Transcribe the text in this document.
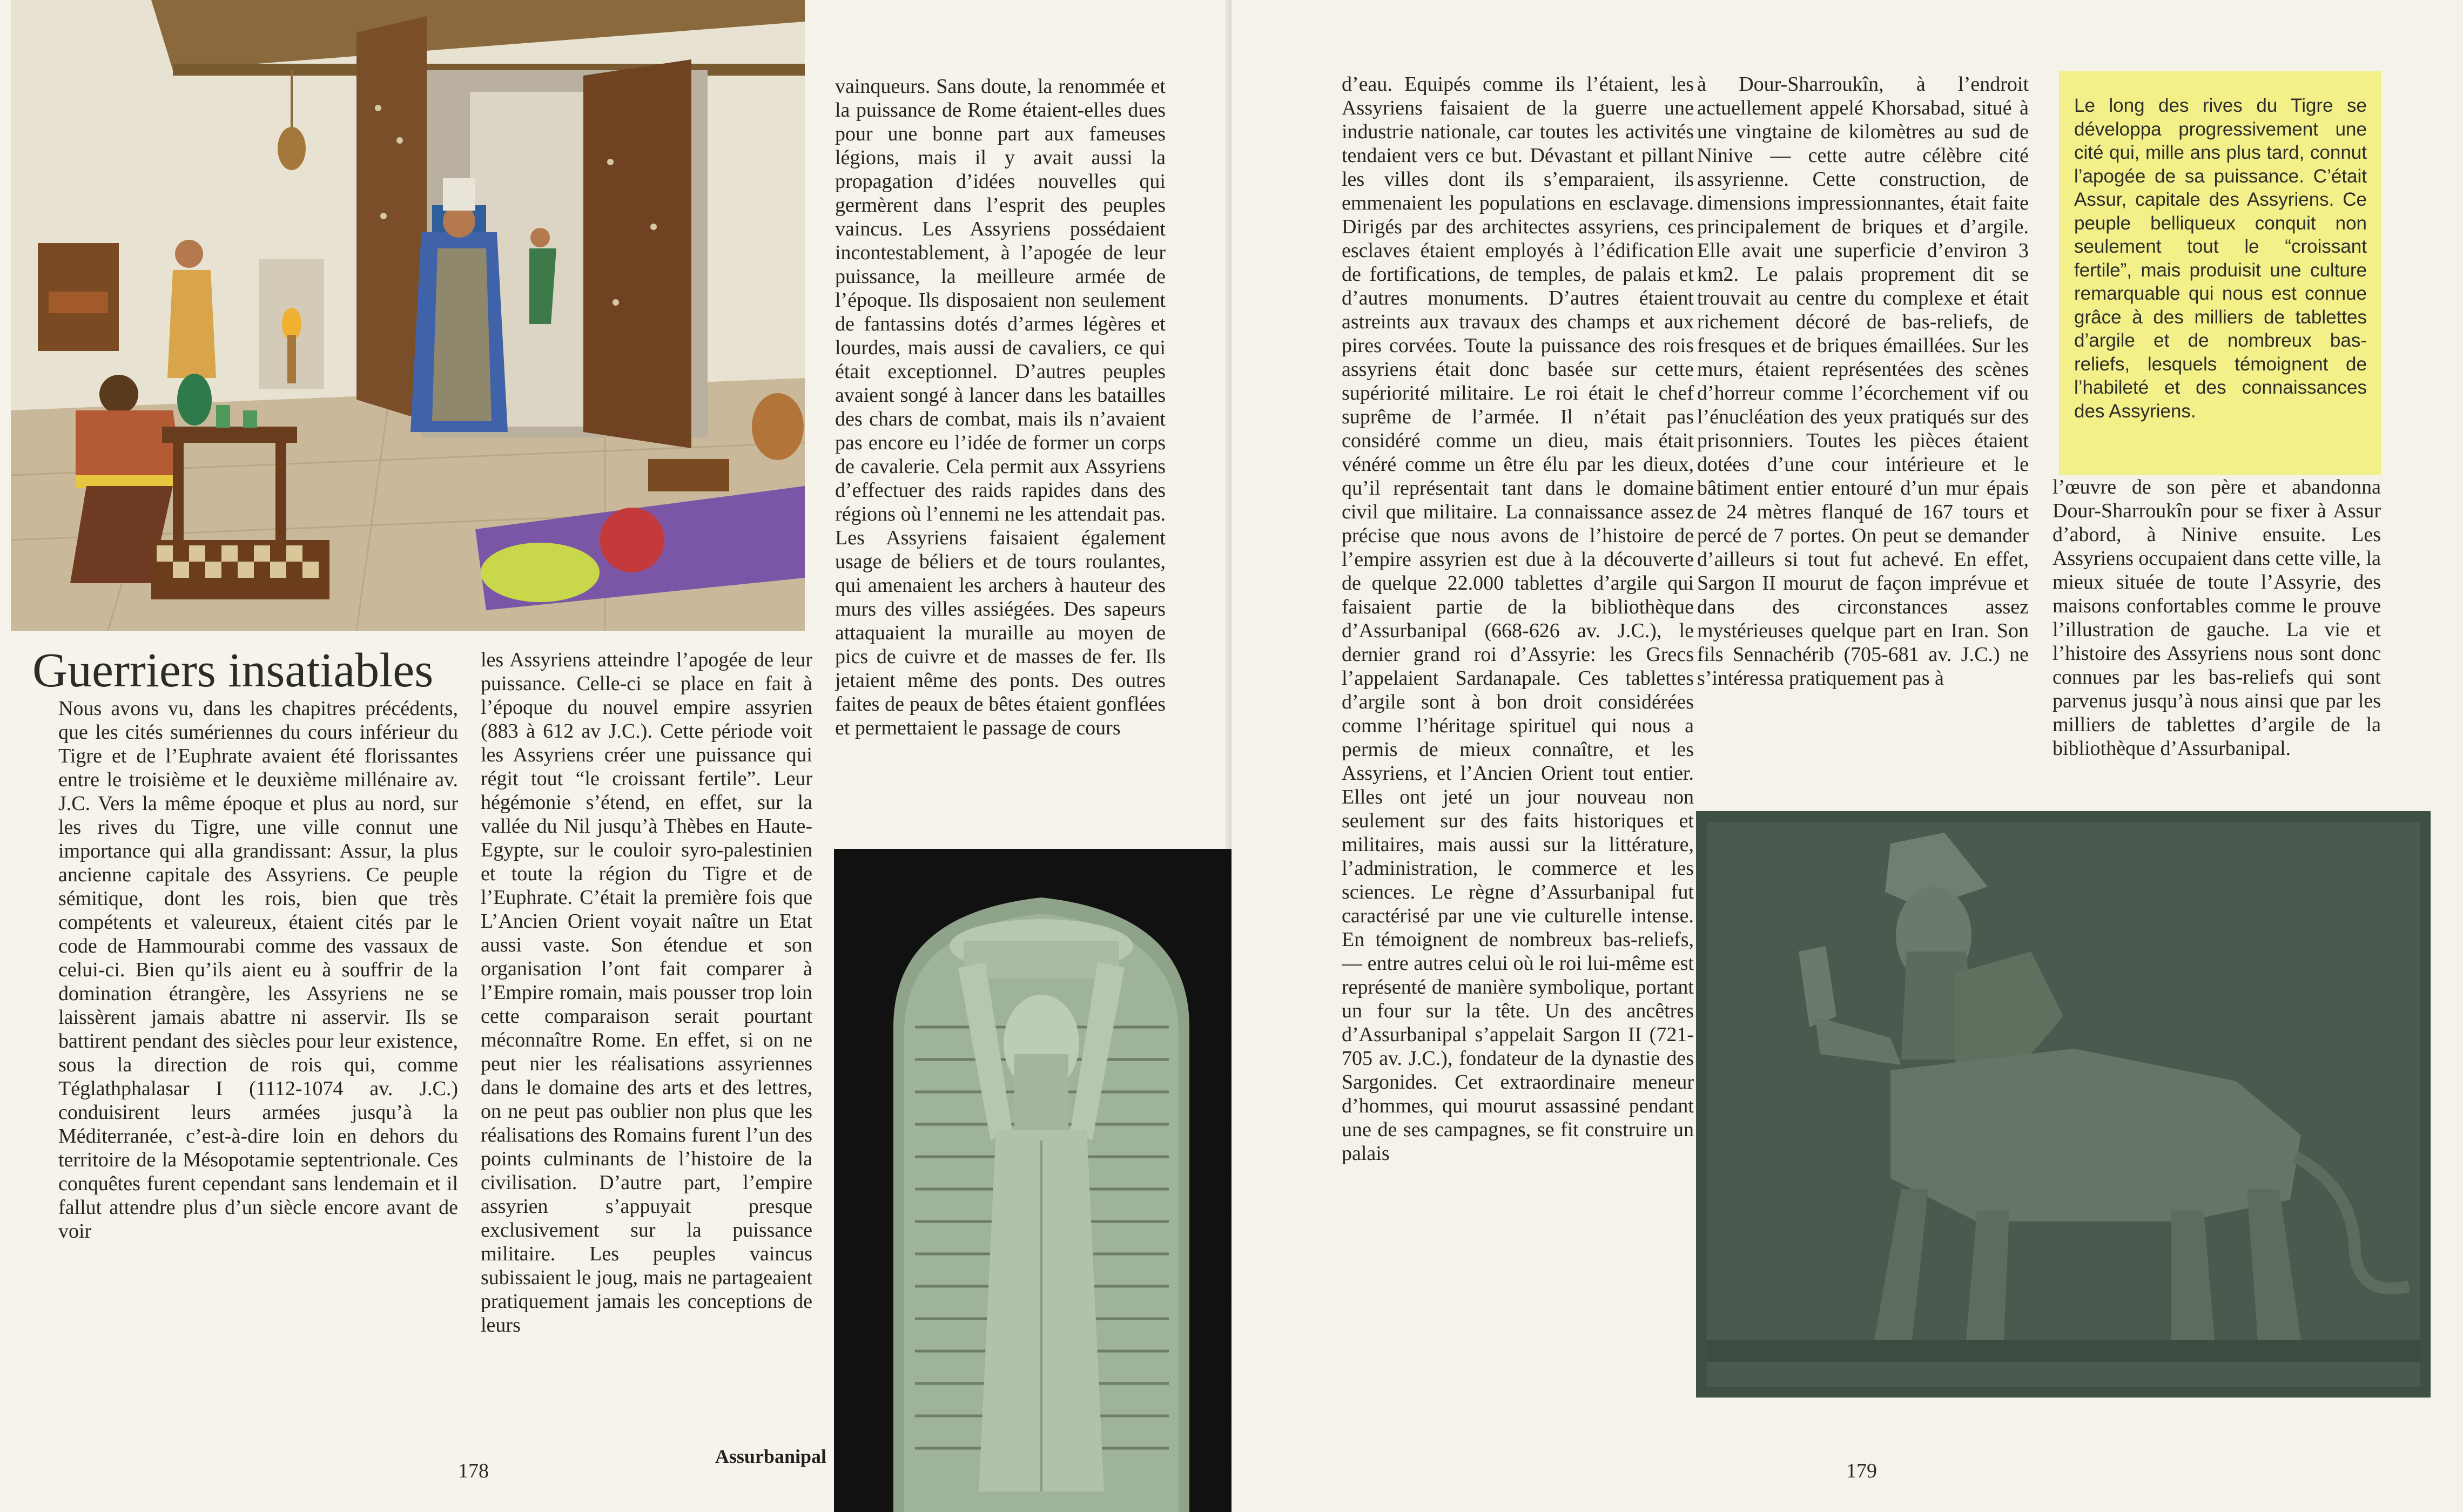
Guerriers insatiables

Nous avons vu, dans les chapitres précédents, que les cités sumériennes du cours inférieur du Tigre et de l’Euphrate avaient été florissantes entre le troisième et le deuxième millénaire av. J.C. Vers la même époque et plus au nord, sur les rives du Tigre, une ville connut une importance qui alla grandissant: Assur, la plus ancienne capitale des Assyriens. Ce peuple sémitique, dont les rois, bien que très compétents et valeureux, étaient cités par le code de Hammourabi comme des vassaux de celui-ci. Bien qu’ils aient eu à souffrir de la domination étrangère, les Assyriens ne se laissèrent jamais abattre ni asservir. Ils se battirent pendant des siècles pour leur existence, sous la direction de rois qui, comme Téglathphalasar I (1112-1074 av. J.C.) conduisirent leurs armées jusqu’à la Méditerranée, c’est-à-dire loin en dehors du territoire de la Mésopotamie septentrionale. Ces conquêtes furent cependant sans lendemain et il fallut attendre plus d’un siècle encore avant de voir

les Assyriens atteindre l’apogée de leur puissance. Celle-ci se place en fait à l’époque du nouvel empire assyrien (883 à 612 av J.C.). Cette période voit les Assyriens créer une puissance qui régit tout “le croissant fertile”. Leur hégémonie s’étend, en effet, sur la vallée du Nil jusqu’à Thèbes en Haute-Egypte, sur le couloir syro-palestinien et toute la région du Tigre et de l’Euphrate. C’était la première fois que L’Ancien Orient voyait naître un Etat aussi vaste. Son étendue et son organisation l’ont fait comparer à l’Empire romain, mais pousser trop loin cette comparaison serait pourtant méconnaître Rome. En effet, si on ne peut nier les réalisations assyriennes dans le domaine des arts et des lettres, on ne peut pas oublier non plus que les réalisations des Romains furent l’un des points culminants de l’histoire de la civilisation. D’autre part, l’empire assyrien s’appuyait presque exclusivement sur la puissance militaire. Les peuples vaincus subissaient le joug, mais ne partageaient pratiquement jamais les conceptions de leurs

vainqueurs. Sans doute, la renommée et la puissance de Rome étaient-elles dues pour une bonne part aux fameuses légions, mais il y avait aussi la propagation d’idées nouvelles qui germèrent dans l’esprit des peuples vaincus. Les Assyriens possédaient incontestablement, à l’apogée de leur puissance, la meilleure armée de l’époque. Ils disposaient non seulement de fantassins dotés d’armes légères et lourdes, mais aussi de cavaliers, ce qui était exceptionnel. D’autres peuples avaient songé à lancer dans les batailles des chars de combat, mais ils n’avaient pas encore eu l’idée de former un corps de cavalerie. Cela permit aux Assyriens d’effectuer des raids rapides dans des régions où l’ennemi ne les attendait pas. Les Assyriens faisaient également usage de béliers et de tours roulantes, qui amenaient les archers à hauteur des murs des villes assiégées. Des sapeurs attaquaient la muraille au moyen de pics de cuivre et de masses de fer. Ils jetaient même des ponts. Des outres faites de peaux de bêtes étaient gonflées et permettaient le passage de cours

Assurbanipal
178

d’eau. Equipés comme ils l’étaient, les Assyriens faisaient de la guerre une industrie nationale, car toutes les activités tendaient vers ce but. Dévastant et pillant les villes dont ils s’emparaient, ils emmenaient les populations en esclavage. Dirigés par des architectes assyriens, ces esclaves étaient employés à l’édification de fortifications, de temples, de palais et d’autres monuments. D’autres étaient astreints aux travaux des champs et aux pires corvées. Toute la puissance des rois assyriens était donc basée sur cette supériorité militaire. Le roi était le chef suprême de l’armée. Il n’était pas considéré comme un dieu, mais était vénéré comme un être élu par les dieux, qu’il représentait tant dans le domaine civil que militaire. La connaissance assez précise que nous avons de l’histoire de l’empire assyrien est due à la découverte de quelque 22.000 tablettes d’argile qui faisaient partie de la bibliothèque d’Assurbanipal (668-626 av. J.C.), le dernier grand roi d’Assyrie: les Grecs l’appelaient Sardanapale. Ces tablettes d’argile sont à bon droit considérées comme l’héritage spirituel qui nous a permis de mieux connaître, et les Assyriens, et l’Ancien Orient tout entier. Elles ont jeté un jour nouveau non seulement sur des faits historiques et militaires, mais aussi sur la littérature, l’administration, le commerce et les sciences. Le règne d’Assurbanipal fut caractérisé par une vie culturelle intense. En témoignent de nombreux bas-reliefs, — entre autres celui où le roi lui-même est représenté de manière symbolique, portant un four sur la tête. Un des ancêtres d’Assurbanipal s’appelait Sargon II (721-705 av. J.C.), fondateur de la dynastie des Sargonides. Cet extraordinaire meneur d’hommes, qui mourut assassiné pendant une de ses campagnes, se fit construire un palais

à Dour-Sharroukîn, à l’endroit actuellement appelé Khorsabad, situé à une vingtaine de kilomètres au sud de Ninive — cette autre célèbre cité assyrienne. Cette construction, de dimensions impressionnantes, était faite principalement de briques et d’argile. Elle avait une superficie d’environ 3 km2. Le palais proprement dit se trouvait au centre du complexe et était richement décoré de bas-reliefs, de fresques et de briques émaillées. Sur les murs, étaient représentées des scènes d’horreur comme l’écorchement vif ou l’énucléation des yeux pratiqués sur des prisonniers. Toutes les pièces étaient dotées d’une cour intérieure et le bâtiment entier entouré d’un mur épais de 24 mètres flanqué de 167 tours et percé de 7 portes. On peut se demander d’ailleurs si tout fut achevé. En effet, Sargon II mourut de façon imprévue et dans des circonstances assez mystérieuses quelque part en Iran. Son fils Sennachérib (705-681 av. J.C.) ne s’intéressa pratiquement pas à

l’œuvre de son père et abandonna Dour-Sharroukîn pour se fixer à Assur d’abord, à Ninive ensuite. Les Assyriens occupaient dans cette ville, la mieux située de toute l’Assyrie, des maisons confortables comme le prouve l’illustration de gauche. La vie et l’histoire des Assyriens nous sont donc connues par les bas-reliefs qui sont parvenus jusqu’à nous ainsi que par les milliers de tablettes d’argile de la bibliothèque d’Assurbanipal.

179
Le long des rives du Tigre se développa progressivement une cité qui, mille ans plus tard, connut l’apogée de sa puissance. C’était Assur, capitale des Assyriens. Ce peuple belliqueux conquit non seulement tout le “croissant fertile”, mais produisit une culture remarquable qui nous est connue grâce à des milliers de tablettes d’argile et de nombreux bas-reliefs, lesquels témoignent de l’habileté et des connaissances des Assyriens.
